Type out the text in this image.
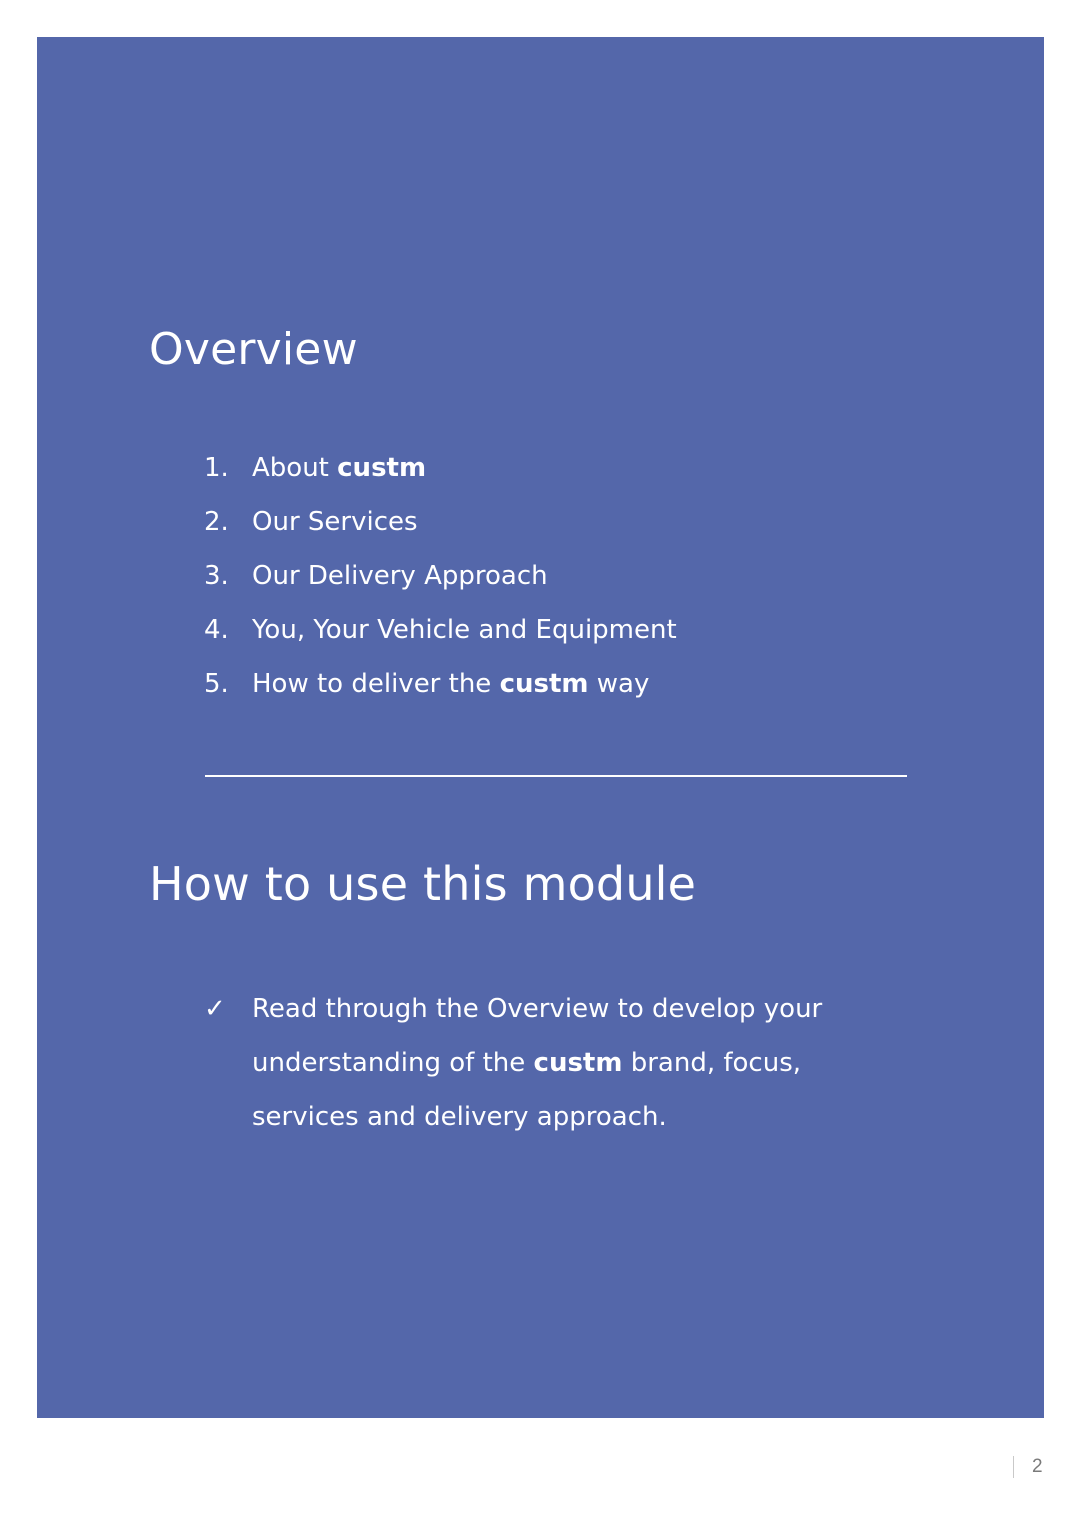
Overview
1. About custm
2. Our Services
3. Our Delivery Approach
4. You, Your Vehicle and Equipment
5. How to deliver the custm way
How to use this module
✓	Read through the Overview to develop your understanding of the custm brand, focus, services and delivery approach.
2
